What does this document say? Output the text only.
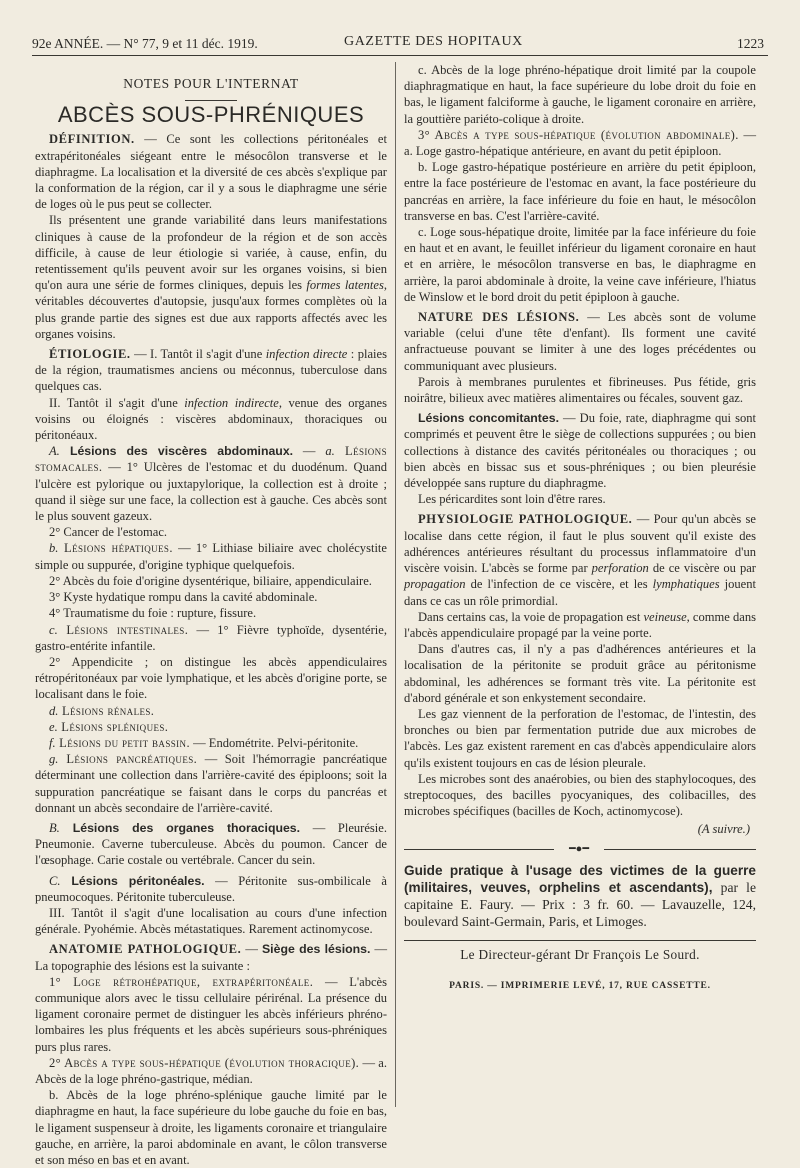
92e ANNÉE. — N° 77, 9 et 11 déc. 1919.	GAZETTE DES HOPITAUX	1223
NOTES POUR L'INTERNAT
ABCÈS SOUS-PHRÉNIQUES

DÉFINITION. — Ce sont les collections péritonéales et extrapéritonéales siégeant entre le mésocôlon transverse et le diaphragme. La localisation et la diversité de ces abcès s'explique par la conformation de la région, car il y a sous le diaphragme une série de loges où le pus peut se collecter.

Ils présentent une grande variabilité dans leurs manifestations cliniques à cause de la profondeur de la région et de son accès difficile, à cause de leur étiologie si variée, à cause, enfin, du retentissement qu'ils peuvent avoir sur les organes voisins, si bien qu'on aura une série de formes cliniques, depuis les formes latentes, véritables découvertes d'autopsie, jusqu'aux formes complètes où la plus grande partie des signes est due aux rapports affectés avec les organes voisins.

ÉTIOLOGIE. — I. Tantôt il s'agit d'une infection directe : plaies de la région, traumatismes anciens ou méconnus, tuberculose dans quelques cas.

II. Tantôt il s'agit d'une infection indirecte, venue des organes voisins ou éloignés : viscères abdominaux, thoraciques ou péritonéaux.

A. Lésions des viscères abdominaux. — a. Lésions stomacales. — 1° Ulcères de l'estomac et du duodénum. Quand l'ulcère est pylorique ou juxtapylorique, la collection est à droite ; quand il siège sur une face, la collection est à gauche. Ces abcès sont le plus souvent gazeux.

2° Cancer de l'estomac.

b. Lésions hépatiques. — 1° Lithiase biliaire avec cholécystite simple ou suppurée, d'origine typhique quelquefois.

2° Abcès du foie d'origine dysentérique, biliaire, appendiculaire.

3° Kyste hydatique rompu dans la cavité abdominale.

4° Traumatisme du foie : rupture, fissure.

c. Lésions intestinales. — 1° Fièvre typhoïde, dysentérie, gastro-entérite infantile.

2° Appendicite ; on distingue les abcès appendiculaires rétropéritonéaux par voie lymphatique, et les abcès d'origine porte, se localisant dans le foie.

d. Lésions rénales.

e. Lésions spléniques.

f. Lésions du petit bassin. — Endométrite. Pelvi-péritonite.

g. Lésions pancréatiques. — Soit l'hémorragie pancréatique déterminant une collection dans l'arrière-cavité des épiploons; soit la suppuration pancréatique se faisant dans le corps du pancréas et donnant un abcès secondaire de l'arrière-cavité.

B. Lésions des organes thoraciques. — Pleurésie. Pneumonie. Caverne tuberculeuse. Abcès du poumon. Cancer de l'œsophage. Carie costale ou vertébrale. Cancer du sein.

C. Lésions péritonéales. — Péritonite sus-ombilicale à pneumocoques. Péritonite tuberculeuse.

III. Tantôt il s'agit d'une localisation au cours d'une infection générale. Pyohémie. Abcès métastatiques. Rarement actinomycose.

ANATOMIE PATHOLOGIQUE. — Siège des lésions. — La topographie des lésions est la suivante :

1° Loge rétrohépatique, extrapéritonéale. — L'abcès communique alors avec le tissu cellulaire périrénal. La présence du ligament coronaire permet de distinguer les abcès inférieurs phréno-lombaires les plus fréquents et les abcès supérieurs sous-phréniques purs plus rares.

2° Abcès a type sous-hépatique (évolution thoracique). — a. Abcès de la loge phréno-gastrique, médian.

b. Abcès de la loge phréno-splénique gauche limité par le diaphragme en haut, la face supérieure du lobe gauche du foie en bas, le ligament suspenseur à droite, les ligaments coronaire et triangulaire gauche, en arrière, la paroi abdominale en avant, le côlon transverse et son méso en bas et en avant.

c. Abcès de la loge phréno-hépatique droit limité par la coupole diaphragmatique en haut, la face supérieure du lobe droit du foie en bas, le ligament falciforme à gauche, le ligament coronaire en arrière, la gouttière pariéto-colique à droite.

3° Abcès a type sous-hépatique (évolution abdominale). — a. Loge gastro-hépatique antérieure, en avant du petit épiploon.

b. Loge gastro-hépatique postérieure en arrière du petit épiploon, entre la face postérieure de l'estomac en avant, la face postérieure du pancréas en arrière, la face inférieure du foie en haut, le mésocôlon transverse en bas. C'est l'arrière-cavité.

c. Loge sous-hépatique droite, limitée par la face inférieure du foie en haut et en avant, le feuillet inférieur du ligament coronaire en haut et en arrière, le mésocôlon transverse en bas, le diaphragme en arrière, la paroi abdominale à droite, la veine cave inférieure, l'hiatus de Winslow et le bord droit du petit épiploon à gauche.

NATURE DES LÉSIONS. — Les abcès sont de volume variable (celui d'une tête d'enfant). Ils forment une cavité anfractueuse pouvant se limiter à une des loges précédentes ou communiquant avec plusieurs.

Parois à membranes purulentes et fibrineuses. Pus fétide, gris noirâtre, bilieux avec matières alimentaires ou fécales, souvent gaz.

Lésions concomitantes. — Du foie, rate, diaphragme qui sont comprimés et peuvent être le siège de collections suppurées ; ou bien collections à distance des cavités péritonéales ou thoraciques ; ou bien abcès en bissac sus et sous-phréniques ; ou bien pleurésie développée sans rupture du diaphragme.

Les péricardites sont loin d'être rares.

PHYSIOLOGIE PATHOLOGIQUE. — Pour qu'un abcès se localise dans cette région, il faut le plus souvent qu'il existe des adhérences antérieures résultant du processus inflammatoire d'un viscère voisin. L'abcès se forme par perforation de ce viscère ou par propagation de l'infection de ce viscère, et les lymphatiques jouent dans ce cas un rôle primordial.

Dans certains cas, la voie de propagation est veineuse, comme dans l'abcès appendiculaire propagé par la veine porte.

Dans d'autres cas, il n'y a pas d'adhérences antérieures et la localisation de la péritonite se produit grâce au péritonisme abdominal, les adhérences se formant très vite. La péritonite est d'abord générale et son enkystement secondaire.

Les gaz viennent de la perforation de l'estomac, de l'intestin, des bronches ou bien par fermentation putride due aux microbes de l'abcès. Les gaz existent rarement en cas d'abcès appendiculaire alors qu'ils existent toujours en cas de lésion pleurale.

Les microbes sont des anaérobies, ou bien des staphylocoques, des streptocoques, des bacilles pyocyaniques, des colibacilles, des microbes spécifiques (bacilles de Koch, actinomycose).

(A suivre.)
━●━

Guide pratique à l'usage des victimes de la guerre (militaires, veuves, orphelins et ascendants), par le capitaine E. Faury. — Prix : 3 fr. 60. — Lavauzelle, 124, boulevard Saint-Germain, Paris, et Limoges.

Le Directeur-gérant Dr François Le Sourd.
PARIS. — IMPRIMERIE LEVÉ, 17, RUE CASSETTE.
